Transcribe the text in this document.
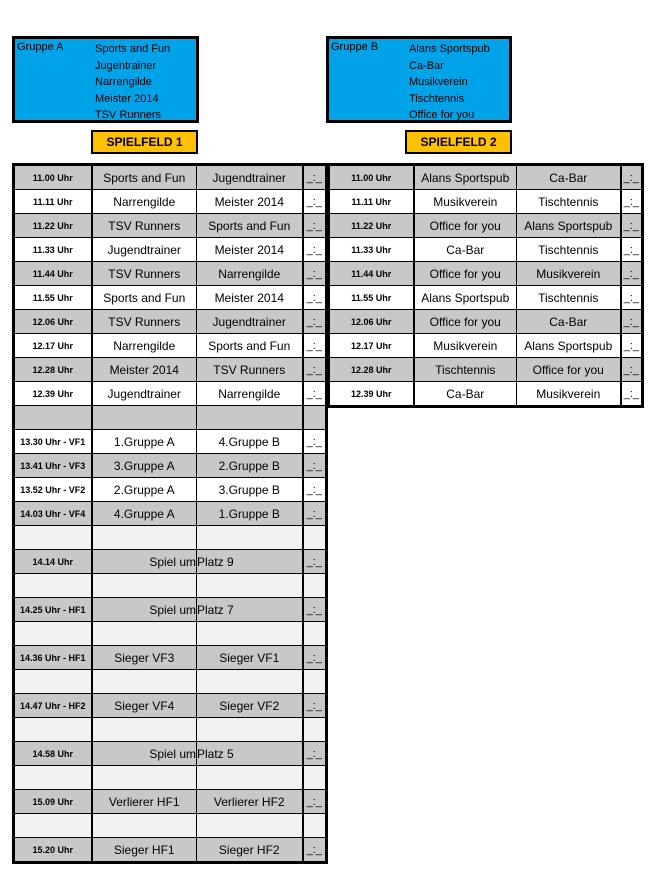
Gruppe A	Sports and Fun
Jugentrainer
Narrengilde
Meister 2014
TSV Runners
Gruppe B	Alans Sportspub
Ca-Bar
Musikverein
Tischtennis
Office for you
SPIELFELD 1	SPIELFELD 2
11.00 Uhr	Sports and Fun	Jugendtrainer	_:_
11.11 Uhr	Narrengilde	Meister 2014	_:_
11.22 Uhr	TSV Runners	Sports and Fun	_:_
11.33 Uhr	Jugendtrainer	Meister 2014	_:_
11.44 Uhr	TSV Runners	Narrengilde	_:_
11.55 Uhr	Sports and Fun	Meister 2014	_:_
12.06 Uhr	TSV Runners	Jugendtrainer	_:_
12.17 Uhr	Narrengilde	Sports and Fun	_:_
12.28 Uhr	Meister 2014	TSV Runners	_:_
12.39 Uhr	Jugendtrainer	Narrengilde	_:_

13.30 Uhr - VF1	1.Gruppe A	4.Gruppe B	_:_
13.41 Uhr - VF3	3.Gruppe A	2.Gruppe B	_:_
13.52 Uhr - VF2	2.Gruppe A	3.Gruppe B	_:_
14.03 Uhr - VF4	4.Gruppe A	1.Gruppe B	_:_

14.14 Uhr	Spiel um	Platz 9	_:_

14.25 Uhr - HF1	Spiel um	Platz 7	_:_

14.36 Uhr - HF1	Sieger VF3	Sieger VF1	_:_

14.47 Uhr - HF2	Sieger VF4	Sieger VF2	_:_

14.58 Uhr	Spiel um	Platz 5	_:_

15.09 Uhr	Verlierer HF1	Verlierer HF2	_:_

15.20 Uhr	Sieger HF1	Sieger HF2	_:_
11.00 Uhr	Alans Sportspub	Ca-Bar	_:_
11.11 Uhr	Musikverein	Tischtennis	_:_
11.22 Uhr	Office for you	Alans Sportspub	_:_
11.33 Uhr	Ca-Bar	Tischtennis	_:_
11.44 Uhr	Office for you	Musikverein	_:_
11.55 Uhr	Alans Sportspub	Tischtennis	_:_
12.06 Uhr	Office for you	Ca-Bar	_:_
12.17 Uhr	Musikverein	Alans Sportspub	_:_
12.28 Uhr	Tischtennis	Office for you	_:_
12.39 Uhr	Ca-Bar	Musikverein	_:_
